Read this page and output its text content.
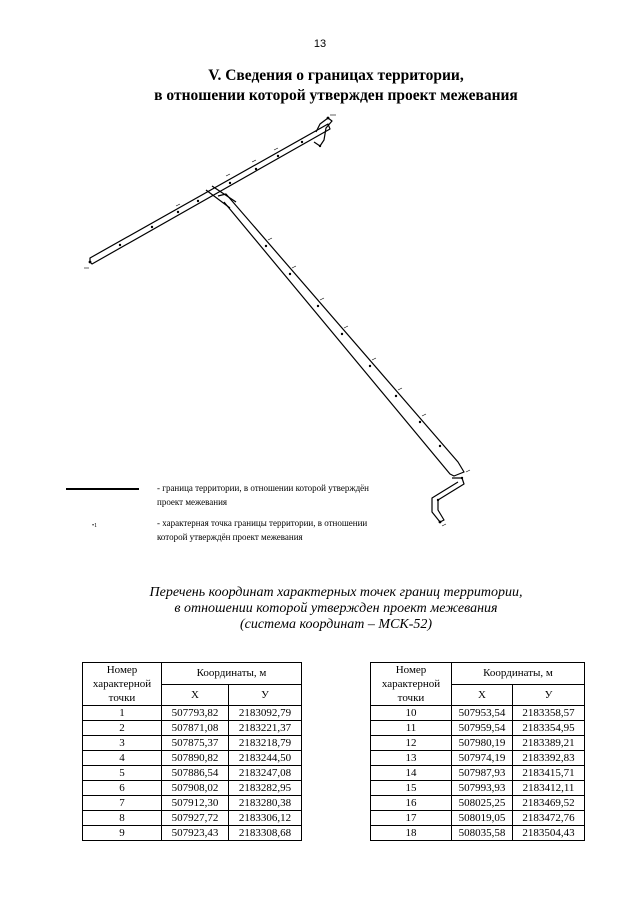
13
V. Сведения о границах территории,
в отношении которой утвержден проект межевания
- граница территории, в отношении которой утверждён
проект межевания
•1	- характерная точка границы территории, в отношении
которой утверждён проект межевания
Перечень координат характерных точек границ территории,
в отношении которой утвержден проект межевания
(система координат – МСК-52)
Номер характерной точки	Координаты, м	
	Х	У
1	507793,82	2183092,79
2	507871,08	2183221,37
3	507875,37	2183218,79
4	507890,82	2183244,50
5	507886,54	2183247,08
6	507908,02	2183282,95
7	507912,30	2183280,38
8	507927,72	2183306,12
9	507923,43	2183308,68
Номер характерной точки	Координаты, м	
	Х	У
10	507953,54	2183358,57
11	507959,54	2183354,95
12	507980,19	2183389,21
13	507974,19	2183392,83
14	507987,93	2183415,71
15	507993,93	2183412,11
16	508025,25	2183469,52
17	508019,05	2183472,76
18	508035,58	2183504,43
